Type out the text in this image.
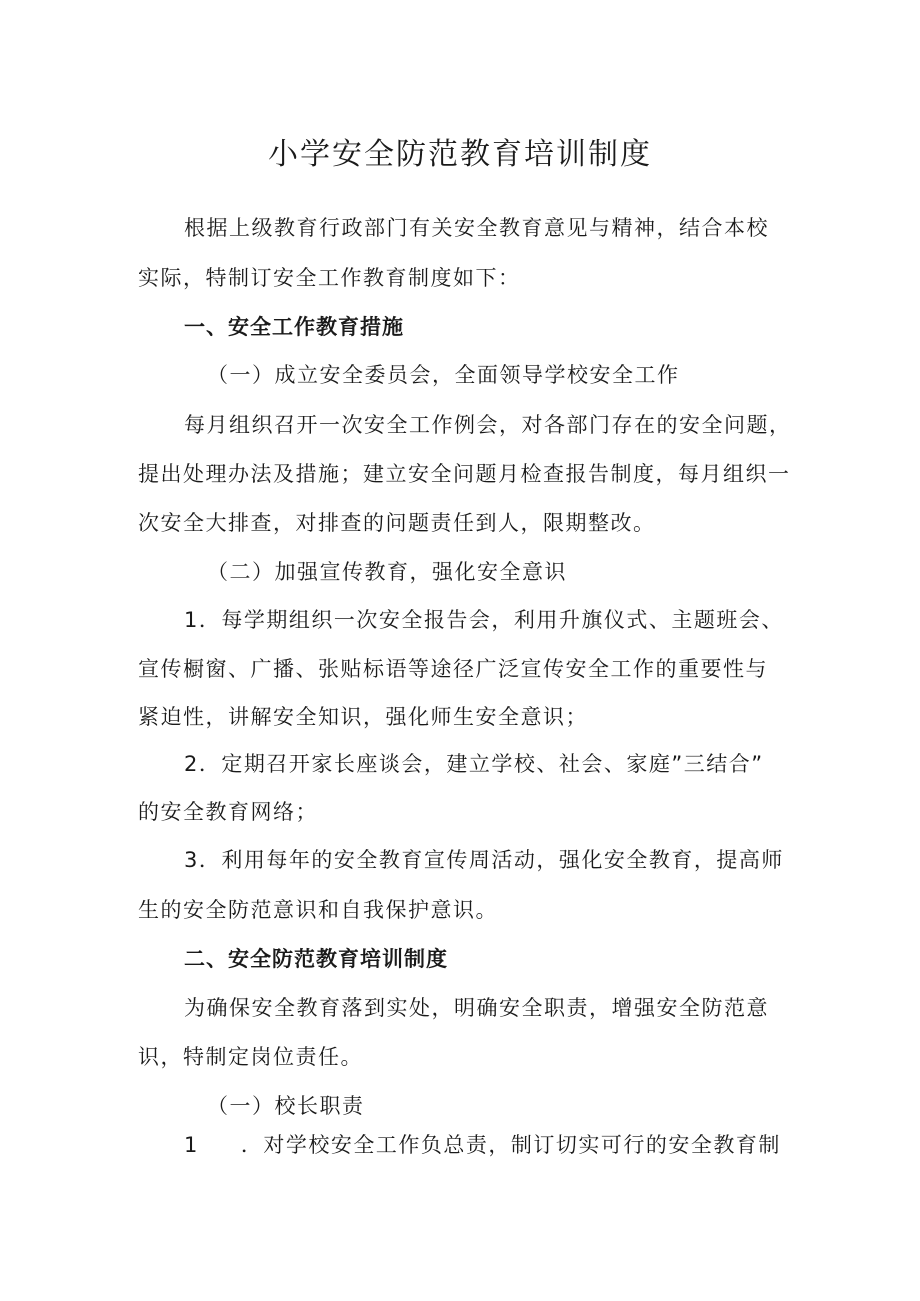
小学安全防范教育培训制度
根据上级教育行政部门有关安全教育意见与精神，结合本校
实际，特制订安全工作教育制度如下：
一、安全工作教育措施
（一）成立安全委员会，全面领导学校安全工作
每月组织召开一次安全工作例会，对各部门存在的安全问题，
提出处理办法及措施；建立安全问题月检查报告制度，每月组织一
次安全大排查，对排查的问题责任到人，限期整改。
（二）加强宣传教育，强化安全意识
1．每学期组织一次安全报告会，利用升旗仪式、主题班会、
宣传橱窗、广播、张贴标语等途径广泛宣传安全工作的重要性与
紧迫性，讲解安全知识，强化师生安全意识；
2．定期召开家长座谈会，建立学校、社会、家庭”三结合”
的安全教育网络；
3．利用每年的安全教育宣传周活动，强化安全教育，提高师
生的安全防范意识和自我保护意识。
二、安全防范教育培训制度
为确保安全教育落到实处，明确安全职责，增强安全防范意
识，特制定岗位责任。
（一）校长职责
1 ．对学校安全工作负总责，制订切实可行的安全教育制
